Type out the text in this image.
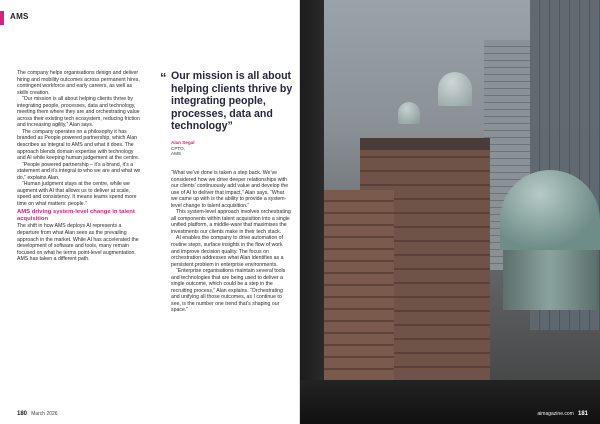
AMS

The company helps organisations design and deliver hiring and mobility outcomes across permanent hires, contingent workforce and early careers, as well as skills creation.

“Our mission is all about helping clients thrive by integrating people, processes, data and technology, meeting them where they are and orchestrating value across their existing tech ecosystem, reducing friction and increasing agility,” Alan says.

The company operates on a philosophy it has branded as People powered partnership, which Alan describes as integral to AMS and what it does. The approach blends domain expertise with technology and AI while keeping human judgement at the centre.

“People powered partnership – it’s a brand, it’s a statement and it’s integral to who we are and what we do,” explains Alan.

“Human judgment stays at the centre, while we augment with AI that allows us to deliver at scale, speed and consistency. It means teams spend more time on what matters: people.”

AMS driving system-level change in talent acquisition

The shift in how AMS deploys AI represents a departure from what Alan sees as the prevailing approach in the market. While AI has accelerated the development of software and tools, many remain focused on what he terms point-level augmentation. AMS has taken a different path.

“ Our mission is all about helping clients thrive by integrating people, processes, data and technology”
Alan Segal
CPTO,
AMS

“What we’ve done is taken a step back. We’ve considered how we drive deeper relationships with our clients’ continuously add value and develop the use of AI to deliver that impact,” Alan says. “What we came up with is the ability to provide a system-level change to talent acquisition.”

This system-level approach involves orchestrating all components within talent acquisition into a single unified platform, a middle-ware that maximises the investments our clients make in their tech stack.

AI enables the company to drive automation of routine steps, surface insights in the flow of work and improve decision quality. The focus on orchestration addresses what Alan identifies as a persistent problem in enterprise environments.

“Enterprise organisations maintain several tools and technologies that are being used to deliver a single outcome, which could be a step in the recruiting process,” Alan explains. “Orchestrating and unifying all those outcomes, as I continue to see, is the number one trend that’s shaping our space.”

180 March 2026	aimagazine.com 181
